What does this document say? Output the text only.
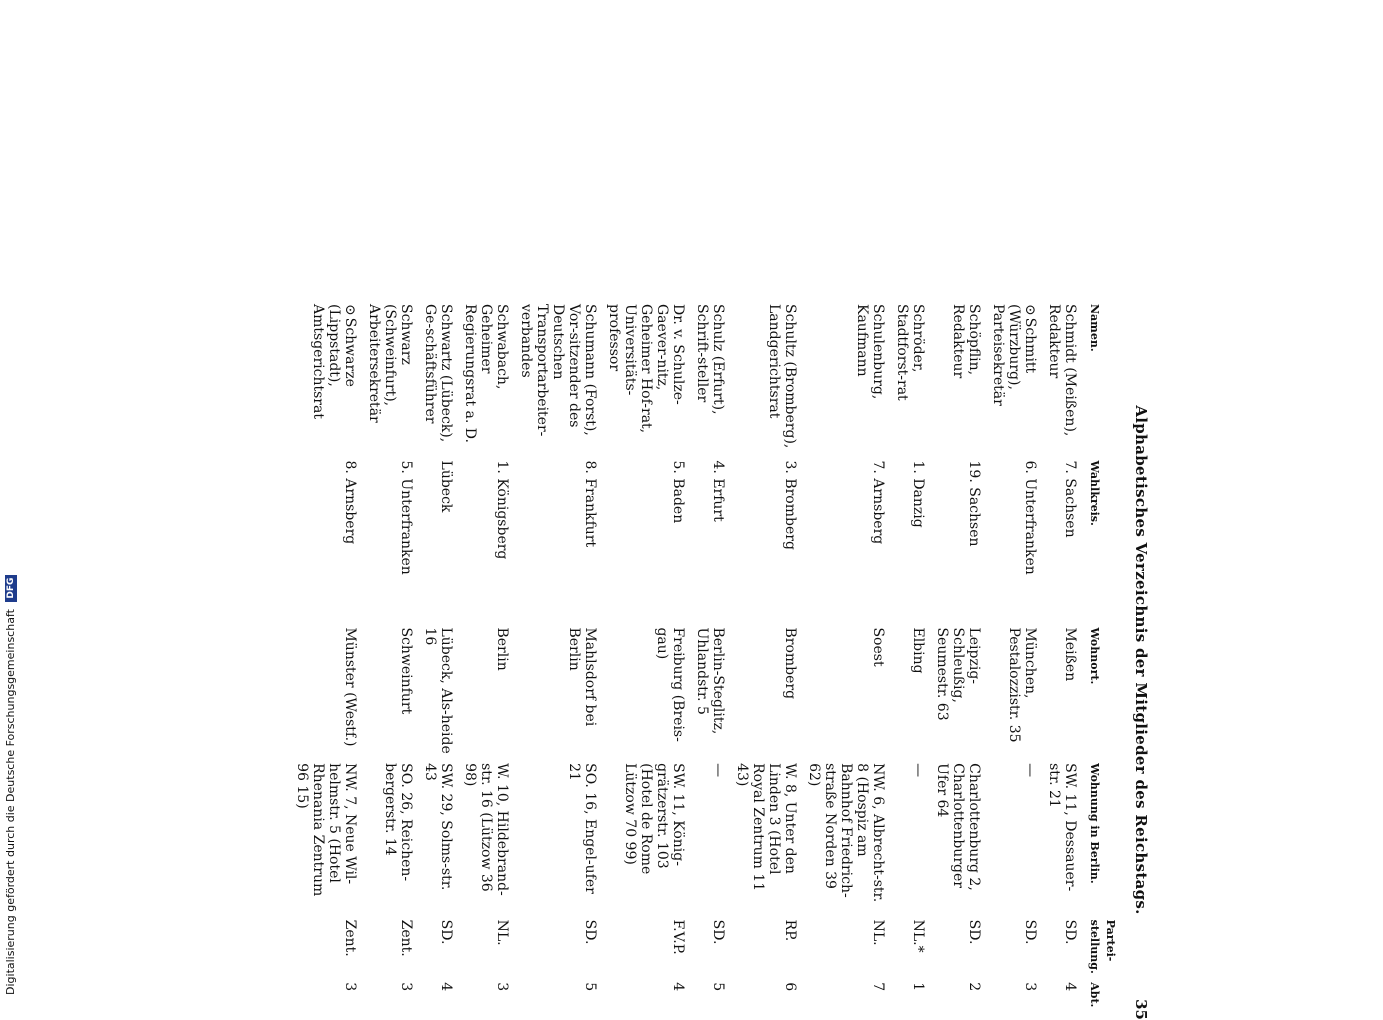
Alphabetisches Verzeichnis der Mitglieder des Reichstags.
35
Namen.	Wahlkreis.	Wohnort.	Wohnung in Berlin.	Partei-stellung.	Abt.
Schmidt (Meißen), Redakteur	7. Sachsen	Meißen	SW. 11, Dessauer-str. 21	SD.	4
⊙Schmitt (Würzburg), Parteisekretär	6. Unterfranken	München, Pestalozzistr. 35	—	SD.	3
Schöpflin, Redakteur	19. Sachsen	Leipzig-Schleußig, Seumestr. 63	Charlottenburg 2, Charlottenburger Ufer 64	SD.	2
Schröder, Stadtforst-rat	1. Danzig	Elbing	—	NL.*	1
Schulenburg, Kaufmann	7. Arnsberg	Soest	NW. 6, Albrecht-str. 8 (Hospiz am Bahnhof Friedrich-straße Norden 39 62)	NL.	7
Schultz (Bromberg), Landgerichtsrat	3. Bromberg	Bromberg	W. 8, Unter den Linden 3 (Hotel Royal Zentrum 11 43)	RP.	6
Schulz (Erfurt), Schrift-steller	4. Erfurt	Berlin-Steglitz, Uhlandstr. 5	—	SD.	5
Dr. v. Schulze-Gaever-nitz, Geheimer Hof-rat, Universitäts-professor	5. Baden	Freiburg (Breis-gau)	SW. 11, König-grätzerstr. 103 (Hotel de Rome Lützow 70 99)	F.V.P.	4
Schumann (Forst), Vor-sitzender des Deutschen Transportarbeiter-verbandes	8. Frankfurt	Mahlsdorf bei Berlin	SO. 16, Engel-ufer 21	SD.	5
Schwabach, Geheimer Regierungsrat a. D.	1. Königsberg	Berlin	W. 10, Hildebrand-str. 16 (Lützow 36 98)	NL.	3
Schwartz (Lübeck), Ge-schäftsführer	Lübeck	Lübeck, Als-heide 16	SW. 29, Solms-str. 43	SD.	4
Schwarz (Schweinfurt), Arbeitersekretär	5. Unterfranken	Schweinfurt	SO. 26, Reichen-bergerstr. 14	Zent.	3
⊙Schwarze (Lippstadt), Amtsgerichtsrat	8. Arnsberg	Münster (Westf.)	NW. 7, Neue Wil-helmstr. 5 (Hotel Rhenania Zentrum 96 15)	Zent.	3
Digitalisierung gefördert durch die Deutsche Forschungsgemeinschaft DFG
